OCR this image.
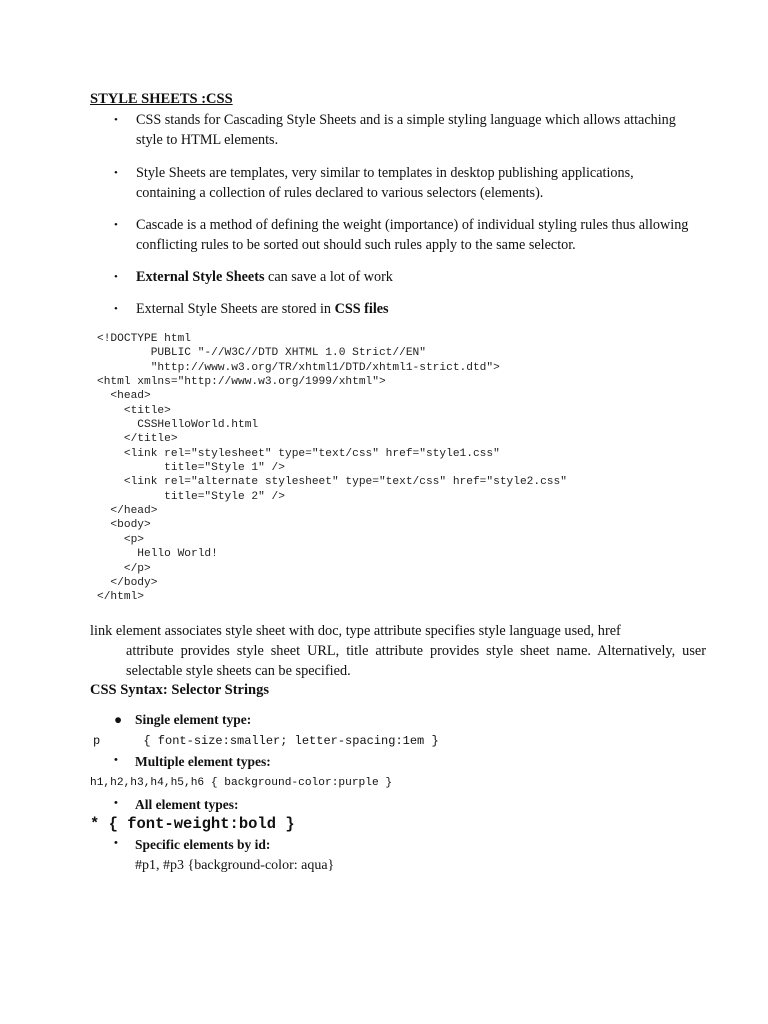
STYLE SHEETS :CSS
• CSS stands for Cascading Style Sheets and is a simple styling language which allows attaching style to HTML elements.
• Style Sheets are templates, very similar to templates in desktop publishing applications, containing a collection of rules declared to various selectors (elements).
• Cascade is a method of defining the weight (importance) of individual styling rules thus allowing conflicting rules to be sorted out should such rules apply to the same selector.
• External Style Sheets can save a lot of work
• External Style Sheets are stored in CSS files
<!DOCTYPE html
PUBLIC "-//W3C//DTD XHTML 1.0 Strict//EN"
"http://www.w3.org/TR/xhtml1/DTD/xhtml1-strict.dtd">
<html xmlns="http://www.w3.org/1999/xhtml">
<head>
<title>
CSSHelloWorld.html
</title>
<link rel="stylesheet" type="text/css" href="style1.css"
title="Style 1" />
<link rel="alternate stylesheet" type="text/css" href="style2.css"
title="Style 2" />
</head>
<body>
<p>
Hello World!
</p>
</body>
</html>
link element associates style sheet with doc, type attribute specifies style language used, href
attribute provides style sheet URL, title attribute provides style sheet name. Alternatively, user selectable style sheets can be specified.
CSS Syntax: Selector Strings
● Single element type:
p      { font-size:smaller; letter-spacing:1em }
• Multiple element types:
h1,h2,h3,h4,h5,h6 { background-color:purple }
• All element types:
* { font-weight:bold }
• Specific elements by id:
#p1, #p3 {background-color: aqua}
